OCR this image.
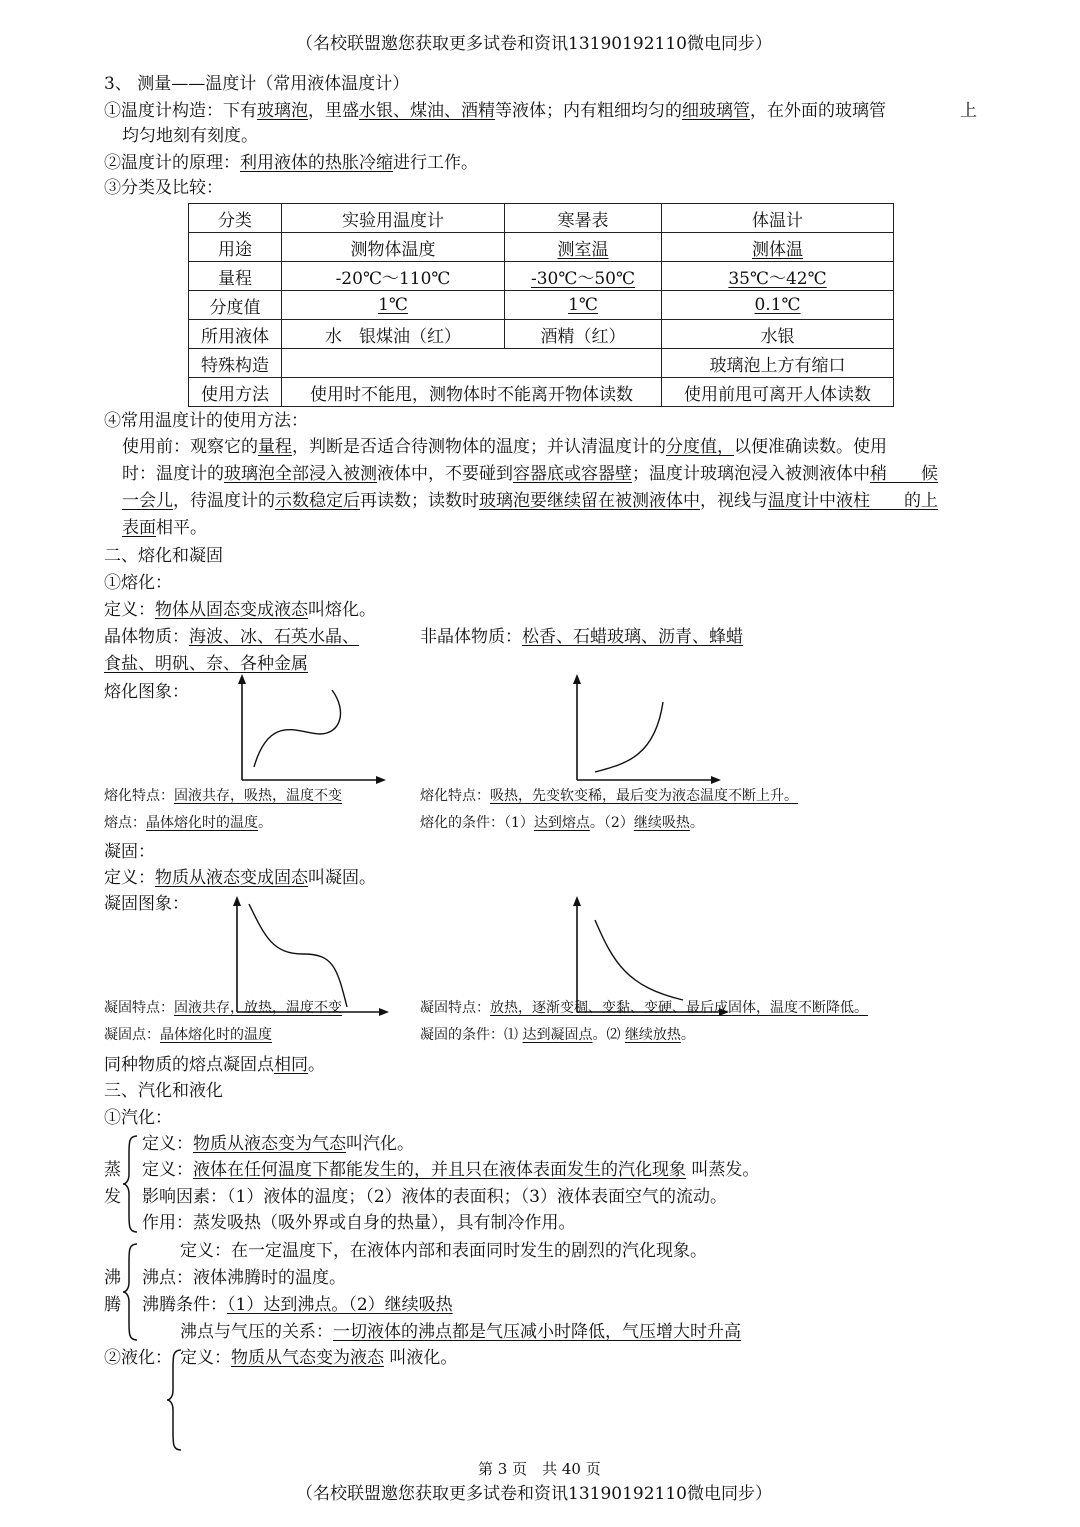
（名校联盟邀您获取更多试卷和资讯13190192110微电同步）
3、 测量——温度计（常用液体温度计）
①温度计构造：下有玻璃泡，里盛水银、煤油、酒精等液体；内有粗细均匀的细玻璃管，在外面的玻璃管	上
均匀地刻有刻度。
②温度计的原理：利用液体的热胀冷缩进行工作。
③分类及比较：
分类	实验用温度计	寒暑表	体温计
用途	测物体温度	测室温	测体温
量程	-20℃～110℃	-30℃～50℃	35℃～42℃
分度值	1℃	1℃	0.1℃
所用液体	水　银煤油（红）	酒精（红）	水银
特殊构造			玻璃泡上方有缩口
使用方法	使用时不能甩，测物体时不能离开物体读数		使用前甩可离开人体读数
④常用温度计的使用方法：
使用前：观察它的量程，判断是否适合待测物体的温度；并认清温度计的分度值，以便准确读数。使用
时：温度计的玻璃泡全部浸入被测液体中，不要碰到容器底或容器壁；温度计玻璃泡浸入被测液体中稍　　候
一会儿，待温度计的示数稳定后再读数；读数时玻璃泡要继续留在被测液体中，视线与温度计中液柱　　的上
表面相平。
二、熔化和凝固
①熔化：
定义：物体从固态变成液态叫熔化。
晶体物质：海波、冰、石英水晶、	非晶体物质：松香、石蜡玻璃、沥青、蜂蜡
食盐、明矾、奈、各种金属
熔化图象：
熔化特点：固液共存，吸热，温度不变	熔化特点：吸热，先变软变稀，最后变为液态温度不断上升。
熔点：晶体熔化时的温度。	熔化的条件：（1）达到熔点。（2）继续吸热。
凝固：
定义：物质从液态变成固态叫凝固。
凝固图象：
凝固特点：固液共存，放热，温度不变	凝固特点：放热，逐渐变稠、变黏、变硬、最后成固体，温度不断降低。
凝固点：晶体熔化时的温度	凝固的条件：⑴ 达到凝固点。⑵ 继续放热。
同种物质的熔点凝固点相同。
三、汽化和液化
①汽化：
蒸
发
定义：物质从液态变为气态叫汽化。
定义：液体在任何温度下都能发生的，并且只在液体表面发生的汽化现象 叫蒸发。
影响因素：（1）液体的温度；（2）液体的表面积；（3）液体表面空气的流动。
作用：蒸发吸热（吸外界或自身的热量），具有制冷作用。
沸
腾
定义：在一定温度下，在液体内部和表面同时发生的剧烈的汽化现象。
沸点：液体沸腾时的温度。
沸腾条件：（1）达到沸点。（2）继续吸热
沸点与气压的关系：一切液体的沸点都是气压减小时降低，气压增大时升高
②液化： 定义：物质从气态变为液态 叫液化。
第 3 页　共 40 页
（名校联盟邀您获取更多试卷和资讯13190192110微电同步）
